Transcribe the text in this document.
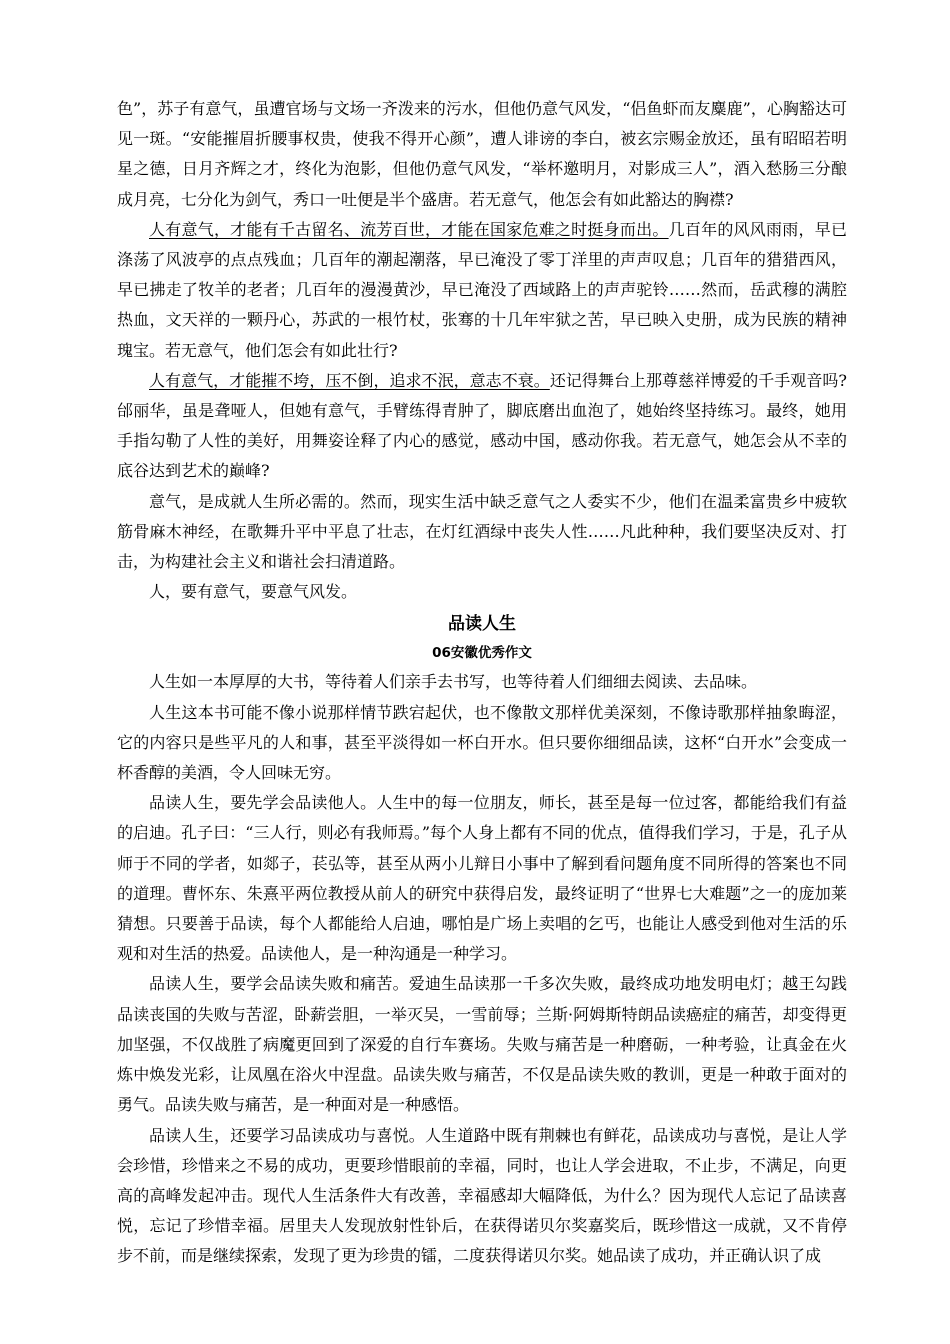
色”，苏子有意气，虽遭官场与文场一齐泼来的污水，但他仍意气风发，“侣鱼虾而友麋鹿”，心胸豁达可见一斑。“安能摧眉折腰事权贵，使我不得开心颜”，遭人诽谤的李白，被玄宗赐金放还，虽有昭昭若明星之德，日月齐辉之才，终化为泡影，但他仍意气风发，“举杯邀明月，对影成三人”，酒入愁肠三分酿成月亮，七分化为剑气，秀口一吐便是半个盛唐。若无意气，他怎会有如此豁达的胸襟?

人有意气，才能有千古留名、流芳百世，才能在国家危难之时挺身而出。几百年的风风雨雨，早已涤荡了风波亭的点点残血；几百年的潮起潮落，早已淹没了零丁洋里的声声叹息；几百年的猎猎西风，早已拂走了牧羊的老者；几百年的漫漫黄沙，早已淹没了西域路上的声声驼铃……然而，岳武穆的满腔热血，文天祥的一颗丹心，苏武的一根竹杖，张骞的十几年牢狱之苦，早已映入史册，成为民族的精神瑰宝。若无意气，他们怎会有如此壮行?

人有意气，才能摧不垮，压不倒，追求不泯，意志不衰。还记得舞台上那尊慈祥博爱的千手观音吗?邰丽华，虽是聋哑人，但她有意气，手臂练得青肿了，脚底磨出血泡了，她始终坚持练习。最终，她用手指勾勒了人性的美好，用舞姿诠释了内心的感觉，感动中国，感动你我。若无意气，她怎会从不幸的底谷达到艺术的巅峰?

意气，是成就人生所必需的。然而，现实生活中缺乏意气之人委实不少，他们在温柔富贵乡中疲软筋骨麻木神经，在歌舞升平中平息了壮志，在灯红酒绿中丧失人性……凡此种种，我们要坚决反对、打击，为构建社会主义和谐社会扫清道路。

人，要有意气，要意气风发。

品读人生
06安徽优秀作文

人生如一本厚厚的大书，等待着人们亲手去书写，也等待着人们细细去阅读、去品味。

人生这本书可能不像小说那样情节跌宕起伏，也不像散文那样优美深刻，不像诗歌那样抽象晦涩，它的内容只是些平凡的人和事，甚至平淡得如一杯白开水。但只要你细细品读，这杯“白开水”会变成一杯香醇的美酒，令人回味无穷。

品读人生，要先学会品读他人。人生中的每一位朋友，师长，甚至是每一位过客，都能给我们有益的启迪。孔子曰：“三人行，则必有我师焉。”每个人身上都有不同的优点，值得我们学习，于是，孔子从师于不同的学者，如郯子，苌弘等，甚至从两小儿辩日小事中了解到看问题角度不同所得的答案也不同的道理。曹怀东、朱熹平两位教授从前人的研究中获得启发，最终证明了“世界七大难题”之一的庞加莱猜想。只要善于品读，每个人都能给人启迪，哪怕是广场上卖唱的乞丐，也能让人感受到他对生活的乐观和对生活的热爱。品读他人，是一种沟通是一种学习。

品读人生，要学会品读失败和痛苦。爱迪生品读那一千多次失败，最终成功地发明电灯；越王勾践品读丧国的失败与苦涩，卧薪尝胆，一举灭吴，一雪前辱；兰斯·阿姆斯特朗品读癌症的痛苦，却变得更加坚强，不仅战胜了病魔更回到了深爱的自行车赛场。失败与痛苦是一种磨砺，一种考验，让真金在火炼中焕发光彩，让凤凰在浴火中涅盘。品读失败与痛苦，不仅是品读失败的教训，更是一种敢于面对的勇气。品读失败与痛苦，是一种面对是一种感悟。

品读人生，还要学习品读成功与喜悦。人生道路中既有荆棘也有鲜花，品读成功与喜悦，是让人学会珍惜，珍惜来之不易的成功，更要珍惜眼前的幸福，同时，也让人学会进取，不止步，不满足，向更高的高峰发起冲击。现代人生活条件大有改善，幸福感却大幅降低，为什么？因为现代人忘记了品读喜悦，忘记了珍惜幸福。居里夫人发现放射性钋后，在获得诺贝尔奖嘉奖后，既珍惜这一成就，又不肯停步不前，而是继续探索，发现了更为珍贵的镭，二度获得诺贝尔奖。她品读了成功，并正确认识了成
